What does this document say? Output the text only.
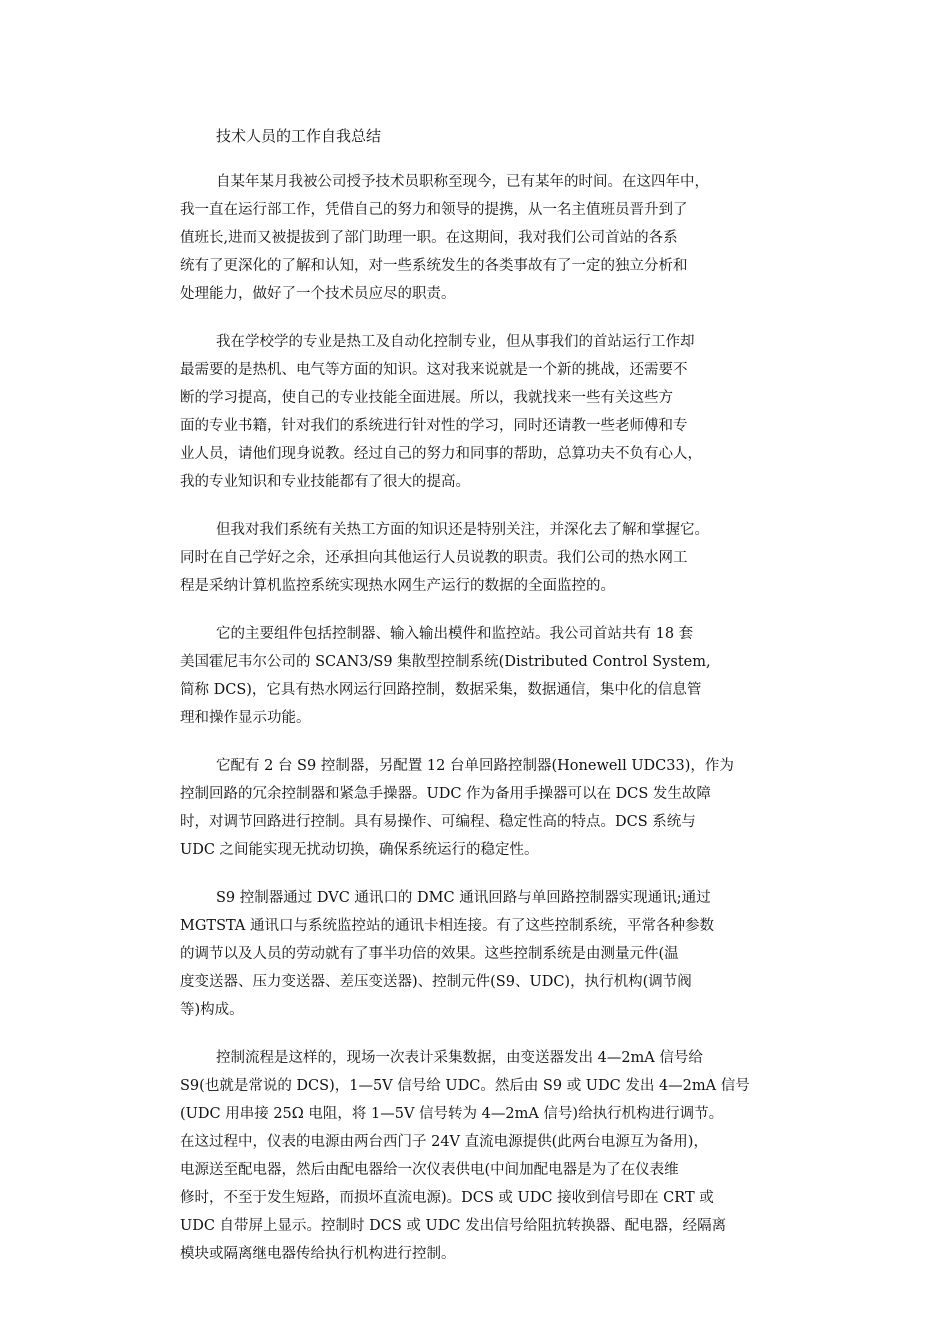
技术人员的工作自我总结
自某年某月我被公司授予技术员职称至现今，已有某年的时间。在这四年中，
我一直在运行部工作，凭借自己的努力和领导的提携，从一名主值班员晋升到了
值班长,进而又被提拔到了部门助理一职。在这期间，我对我们公司首站的各系
统有了更深化的了解和认知，对一些系统发生的各类事故有了一定的独立分析和
处理能力，做好了一个技术员应尽的职责。
我在学校学的专业是热工及自动化控制专业，但从事我们的首站运行工作却
最需要的是热机、电气等方面的知识。这对我来说就是一个新的挑战，还需要不
断的学习提高，使自己的专业技能全面进展。所以，我就找来一些有关这些方
面的专业书籍，针对我们的系统进行针对性的学习，同时还请教一些老师傅和专
业人员，请他们现身说教。经过自己的努力和同事的帮助，总算功夫不负有心人，
我的专业知识和专业技能都有了很大的提高。
但我对我们系统有关热工方面的知识还是特别关注，并深化去了解和掌握它。
同时在自己学好之余，还承担向其他运行人员说教的职责。我们公司的热水网工
程是采纳计算机监控系统实现热水网生产运行的数据的全面监控的。
它的主要组件包括控制器、输入输出模件和监控站。我公司首站共有 18 套
美国霍尼韦尔公司的 SCAN3/S9 集散型控制系统(Distributed Control System,
简称 DCS)，它具有热水网运行回路控制，数据采集，数据通信，集中化的信息管
理和操作显示功能。
它配有 2 台 S9 控制器，另配置 12 台单回路控制器(Honewell UDC33)，作为
控制回路的冗余控制器和紧急手操器。UDC 作为备用手操器可以在 DCS 发生故障
时，对调节回路进行控制。具有易操作、可编程、稳定性高的特点。DCS 系统与
UDC 之间能实现无扰动切换，确保系统运行的稳定性。
S9 控制器通过 DVC 通讯口的 DMC 通讯回路与单回路控制器实现通讯;通过
MGTSTA 通讯口与系统监控站的通讯卡相连接。有了这些控制系统，平常各种参数
的调节以及人员的劳动就有了事半功倍的效果。这些控制系统是由测量元件(温
度变送器、压力变送器、差压变送器)、控制元件(S9、UDC)，执行机构(调节阀
等)构成。
控制流程是这样的，现场一次表计采集数据，由变送器发出 4—2mA 信号给
S9(也就是常说的 DCS)，1—5V 信号给 UDC。然后由 S9 或 UDC 发出 4—2mA 信号
(UDC 用串接 25Ω 电阻，将 1—5V 信号转为 4—2mA 信号)给执行机构进行调节。
在这过程中，仪表的电源由两台西门子 24V 直流电源提供(此两台电源互为备用)，
电源送至配电器，然后由配电器给一次仪表供电(中间加配电器是为了在仪表维
修时，不至于发生短路，而损坏直流电源)。DCS 或 UDC 接收到信号即在 CRT 或
UDC 自带屏上显示。控制时 DCS 或 UDC 发出信号给阻抗转换器、配电器，经隔离
模块或隔离继电器传给执行机构进行控制。
